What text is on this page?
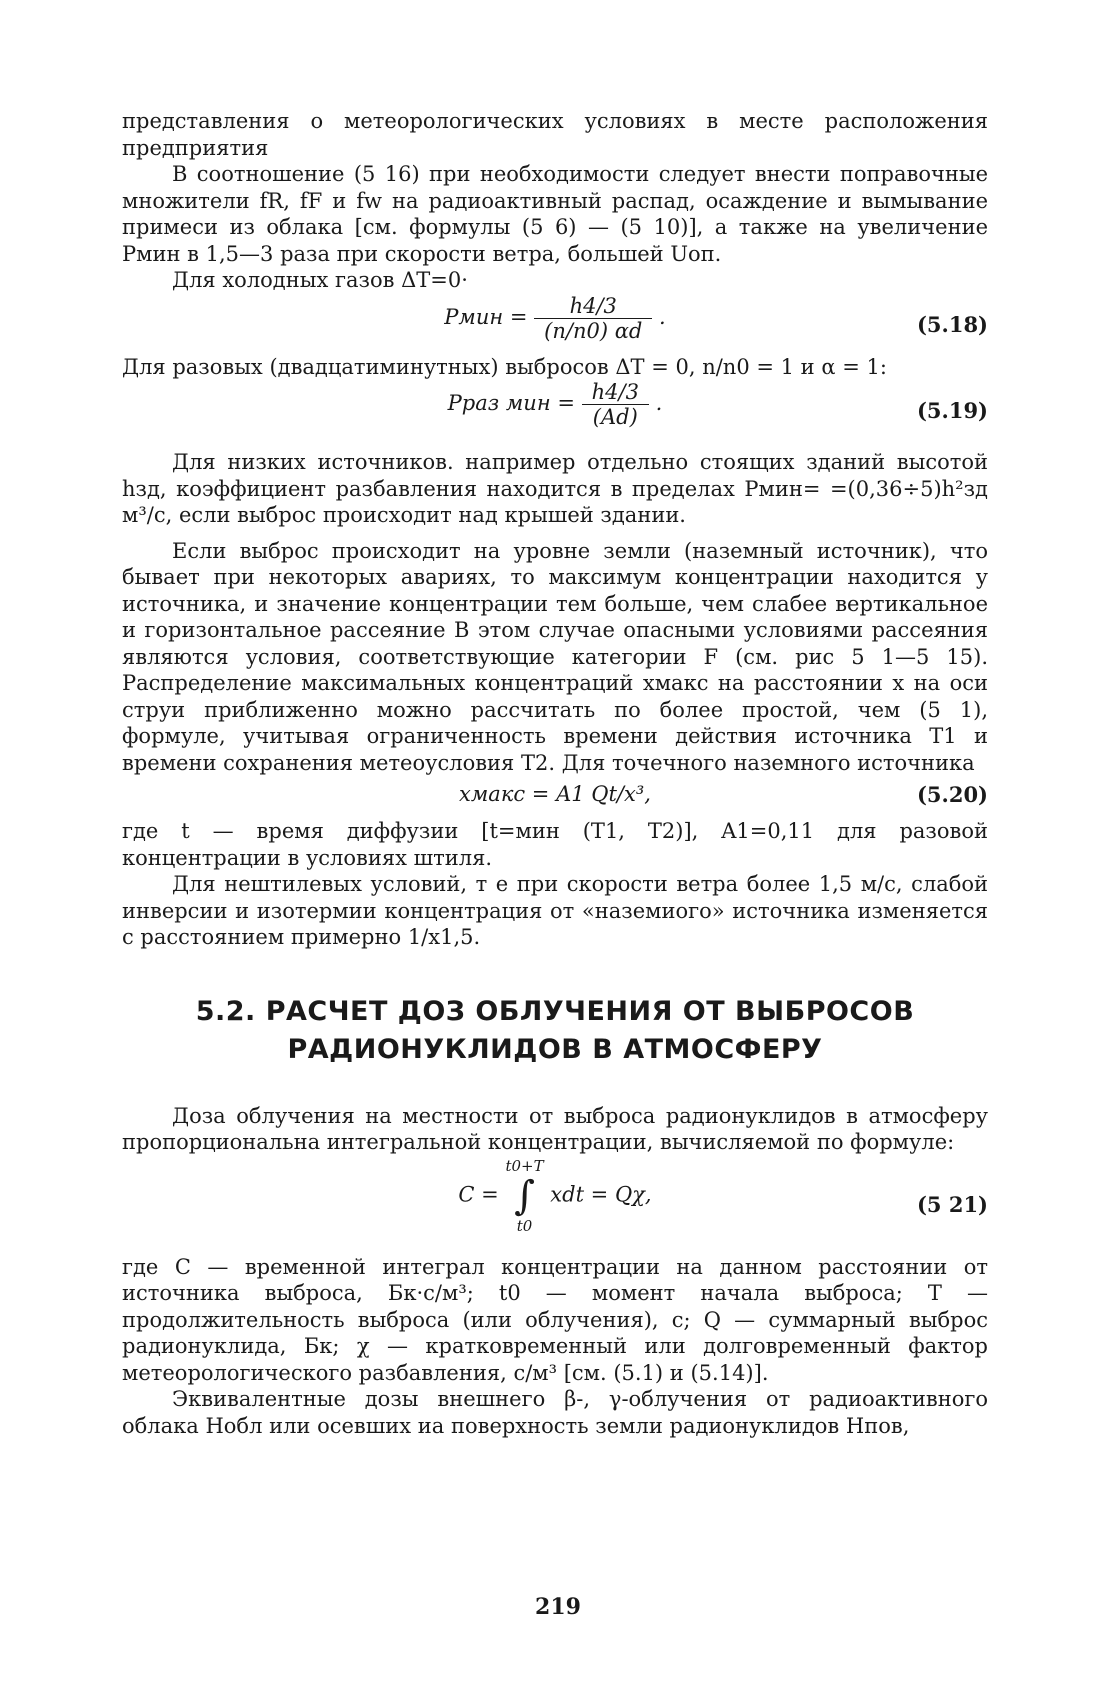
представления о метеорологических условиях в месте расположения предприятия

В соотношение (5 16) при необходимости следует внести поправочные множители fR, fF и fw на радиоактивный распад, осаждение и вымывание примеси из облака [см. формулы (5 6) — (5 10)], а также на увеличение Pмин в 1,5—3 раза при скорости ветра, большей Uоп.

Для холодных газов ΔT=0·

Pмин = $\frac{h4/3}{(n/n0) \alpha d}$ .	(5.18)

Для разовых (двадцатиминутных) выбросов ΔT = 0, n/n0 = 1 и α = 1:

Pраз мин = $\frac{h4/3}{(Ad)}$ .	(5.19)

Для низких источников. например отдельно стоящих зданий высотой hзд, коэффициент разбавления находится в пределах Pмин= =(0,36÷5)h²зд м³/с, если выброс происходит над крышей здании.

Если выброс происходит на уровне земли (наземный источник), что бывает при некоторых авариях, то максимум концентрации находится у источника, и значение концентрации тем больше, чем слабее вертикальное и горизонтальное рассеяние В этом случае опасными условиями рассеяния являются условия, соответствующие категории F (см. рис 5 1—5 15). Распределение максимальных концентраций xмакс на расстоянии x на оси струи приближенно можно рассчитать по более простой, чем (5 1), формуле, учитывая ограниченность времени действия источника T1 и времени сохранения метеоусловия T2. Для точечного наземного источника

xмакс = A1 Qt/x³,	(5.20)

где t — время диффузии [t=мин (T1, T2)], A1=0,11 для разовой концентрации в условиях штиля.

Для нештилевых условий, т е при скорости ветра более 1,5 м/с, слабой инверсии и изотермии концентрация от «наземиого» источника изменяется с расстоянием примерно 1/x1,5.

5.2. РАСЧЕТ ДОЗ ОБЛУЧЕНИЯ ОТ ВЫБРОСОВ
РАДИОНУКЛИДОВ В АТМОСФЕРУ

Доза облучения на местности от выброса радионуклидов в атмосферу пропорциональна интегральной концентрации, вычисляемой по формуле:

C =
t0+T
∫
t0
xdt = Qχ,	(5 21)

где C — временной интеграл концентрации на данном расстоянии от источника выброса, Бк·с/м³; t0 — момент начала выброса; T — продолжительность выброса (или облучения), с; Q — суммарный выброс радионуклида, Бк; χ — кратковременный или долговременный фактор метеорологического разбавления, с/м³ [см. (5.1) и (5.14)].

Эквивалентные дозы внешнего β-, γ-облучения от радиоактивного облака Hобл или осевших иа поверхность земли радионуклидов Hпов,

219
